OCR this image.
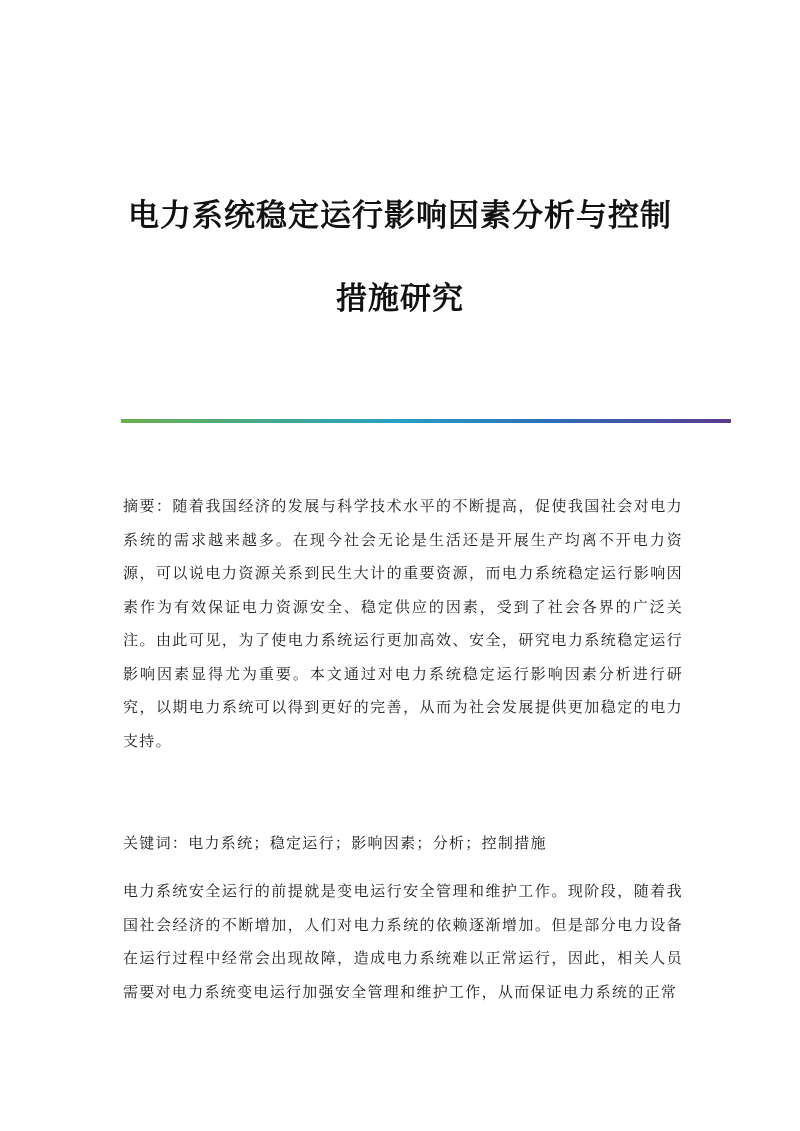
电力系统稳定运行影响因素分析与控制
措施研究

摘要：随着我国经济的发展与科学技术水平的不断提高，促使我国社会对电力系统的需求越来越多。在现今社会无论是生活还是开展生产均离不开电力资源，可以说电力资源关系到民生大计的重要资源，而电力系统稳定运行影响因素作为有效保证电力资源安全、稳定供应的因素，受到了社会各界的广泛关注。由此可见，为了使电力系统运行更加高效、安全，研究电力系统稳定运行影响因素显得尤为重要。本文通过对电力系统稳定运行影响因素分析进行研究，以期电力系统可以得到更好的完善，从而为社会发展提供更加稳定的电力支持。

关键词：电力系统；稳定运行；影响因素；分析；控制措施

电力系统安全运行的前提就是变电运行安全管理和维护工作。现阶段，随着我国社会经济的不断增加，人们对电力系统的依赖逐渐增加。但是部分电力设备在运行过程中经常会出现故障，造成电力系统难以正常运行，因此，相关人员需要对电力系统变电运行加强安全管理和维护工作，从而保证电力系统的正常
